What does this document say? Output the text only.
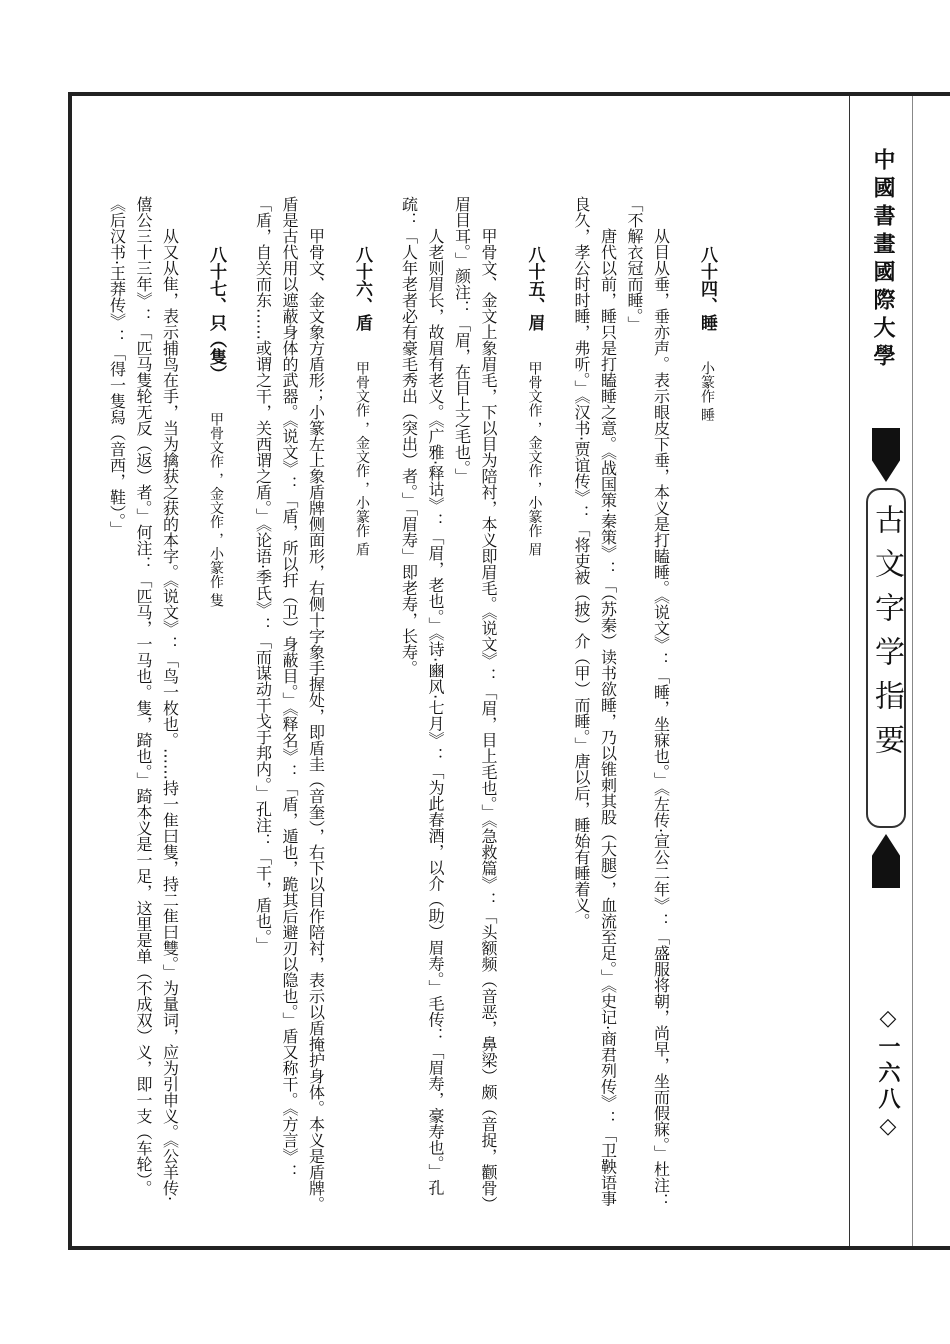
中國書畫國際大學
古文字学指要
◇一六八◇

八十四、睡小篆作 睡

从目从垂，垂亦声。表示眼皮下垂，本义是打瞌睡。《说文》：「睡，坐寐也。」《左传·宣公二年》：「盛服将朝，尚早，坐而假寐。」杜注：「不解衣冠而睡。」

唐代以前，睡只是打瞌睡之意。《战国策·秦策》：「（苏秦）读书欲睡，乃以锥刺其股（大腿），血流至足。」《史记·商君列传》：「卫鞅语事良久，孝公时时睡，弗听。」《汉书·贾谊传》：「将吏被（披）介（甲）而睡。」唐以后，睡始有睡着义。

八十五、眉甲骨文作 ，金文作 ，小篆作 眉

甲骨文、金文上象眉毛，下以目为陪衬，本义即眉毛。《说文》：「眉，目上毛也。」《急救篇》：「头额频（音恶，鼻梁）颇（音捉，颧骨）眉目耳。」颜注：「眉，在目上之毛也。」

人老则眉长，故眉有老义。《广雅·释诂》：「眉，老也。」《诗·豳风·七月》：「为此春酒，以介（助）眉寿。」毛传：「眉寿，豪寿也。」孔疏：「人年老者必有豪毛秀出（突出）者。」「眉寿」即老寿，长寿。

八十六、盾甲骨文作 ，金文作 ，小篆作 盾

甲骨文、金文象方盾形；小篆左上象盾牌侧面形，右侧十字象手握处，即盾圭（音奎），右下以目作陪衬，表示以盾掩护身体。本义是盾牌。盾是古代用以遮蔽身体的武器。《说文》：「盾，所以扞（卫）身蔽目。」《释名》：「盾，遁也，跪其后避刃以隐也。」盾又称干。《方言》：「盾，自关而东……或谓之干，关西谓之盾。」《论语·季氏》：「而谋动干戈于邦内。」孔注：「干，盾也。」

八十七、只（隻）甲骨文作 ，金文作 ，小篆作 隻

从又从隹，表示捕鸟在手，当为擒获之获的本字。《说文》：「鸟一枚也。……持一隹曰隻，持二隹曰雙。」为量词，应为引申义。《公羊传·僖公三十三年》：「匹马隻轮无反（返）者。」何注：「匹马，一马也。隻，踦也。」踦本义是一足，这里是单（不成双）义，即一支（车轮）。《后汉书·王莽传》：「得一隻舄（音西，鞋）。」
